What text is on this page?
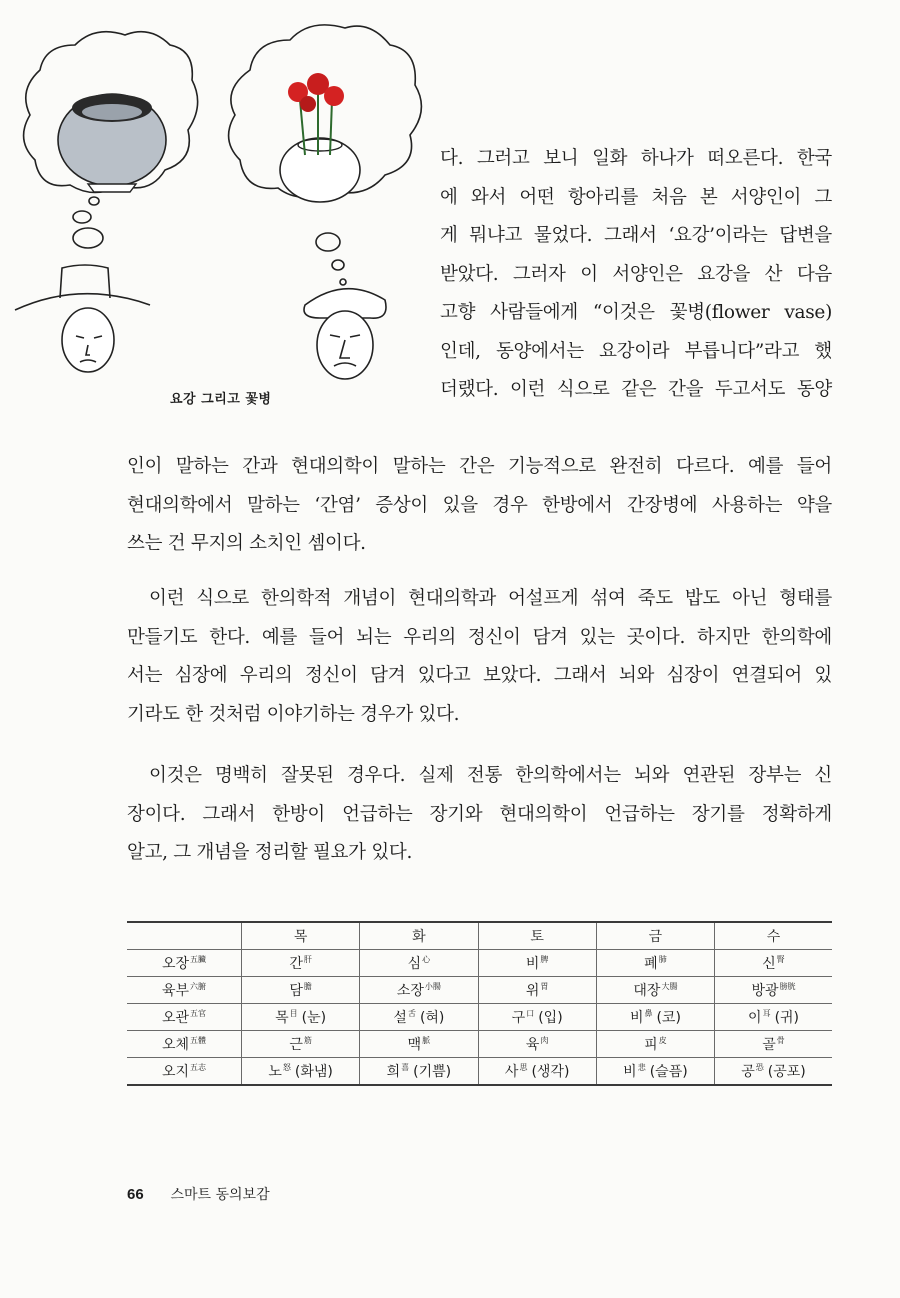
요강 그리고 꽃병

다. 그러고 보니 일화 하나가 떠오른다. 한국
에 와서 어떤 항아리를 처음 본 서양인이 그
게 뭐냐고 물었다. 그래서 ‘요강’이라는 답변을
받았다. 그러자 이 서양인은 요강을 산 다음
고향 사람들에게 “이것은 꽃병(flower vase)
인데, 동양에서는 요강이라 부릅니다”라고 했
더랬다. 이런 식으로 같은 간을 두고서도 동양

인이 말하는 간과 현대의학이 말하는 간은 기능적으로 완전히 다르다. 예를 들어
현대의학에서 말하는 ‘간염’ 증상이 있을 경우 한방에서 간장병에 사용하는 약을
쓰는 건 무지의 소치인 셈이다.

이런 식으로 한의학적 개념이 현대의학과 어설프게 섞여 죽도 밥도 아닌 형태를
만들기도 한다. 예를 들어 뇌는 우리의 정신이 담겨 있는 곳이다. 하지만 한의학에
서는 심장에 우리의 정신이 담겨 있다고 보았다. 그래서 뇌와 심장이 연결되어 있
기라도 한 것처럼 이야기하는 경우가 있다.

이것은 명백히 잘못된 경우다. 실제 전통 한의학에서는 뇌와 연관된 장부는 신
장이다. 그래서 한방이 언급하는 장기와 현대의학이 언급하는 장기를 정확하게
알고, 그 개념을 정리할 필요가 있다.

	목	화	토	금	수
오장$^{五臟}$	간$^肝$	심$^心$	비$^脾$	폐$^肺$	신$^腎$
육부$^{六腑}$	담$^膽$	소장$^{小腸}$	위$^胃$	대장$^{大腸}$	방광$^{膀胱}$
오관$^{五官}$	목$^目$ (눈)	설$^舌$ (혀)	구$^口$ (입)	비$^鼻$ (코)	이$^耳$ (귀)
오체$^{五體}$	근$^筋$	맥$^脈$	육$^肉$	피$^皮$	골$^骨$
오지$^{五志}$	노$^怒$ (화냄)	희$^喜$ (기쁨)	사$^思$ (생각)	비$^悲$ (슬픔)	공$^恐$ (공포)
66 스마트 동의보감
